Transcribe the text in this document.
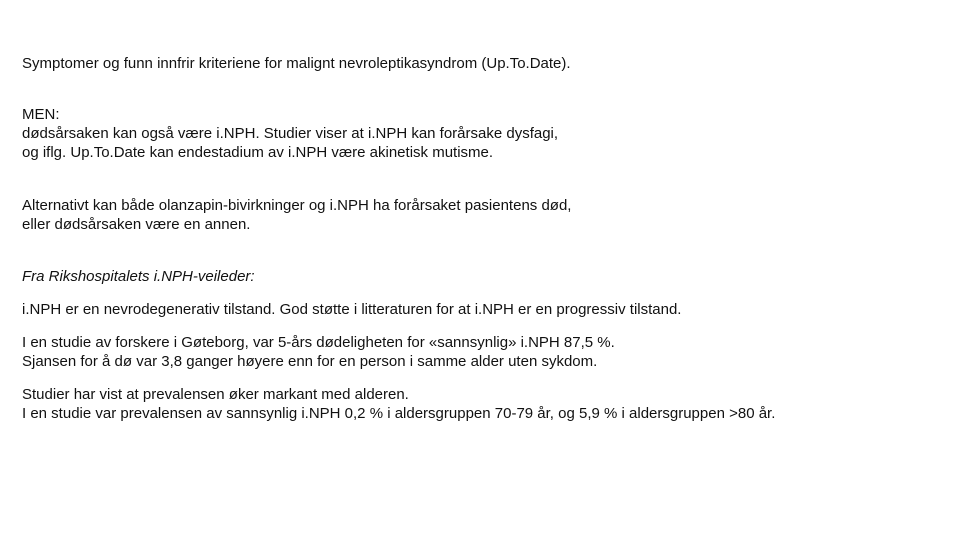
Symptomer og funn innfrir kriteriene for malignt nevroleptikasyndrom (Up.To.Date).

MEN:
dødsårsaken kan også være i.NPH. Studier viser at i.NPH kan forårsake dysfagi,
og iflg. Up.To.Date kan endestadium av i.NPH være akinetisk mutisme.

Alternativt kan både olanzapin-bivirkninger og i.NPH ha forårsaket pasientens død,
eller dødsårsaken være en annen.

Fra Rikshospitalets i.NPH-veileder:

i.NPH er en nevrodegenerativ tilstand. God støtte i litteraturen for at i.NPH er en progressiv tilstand.

I en studie av forskere i Gøteborg, var 5-års dødeligheten for «sannsynlig» i.NPH 87,5 %.
Sjansen for å dø var 3,8 ganger høyere enn for en person i samme alder uten sykdom.

Studier har vist at prevalensen øker markant med alderen.
I en studie var prevalensen av sannsynlig i.NPH 0,2 % i aldersgruppen 70-79 år, og 5,9 % i aldersgruppen >80 år.
